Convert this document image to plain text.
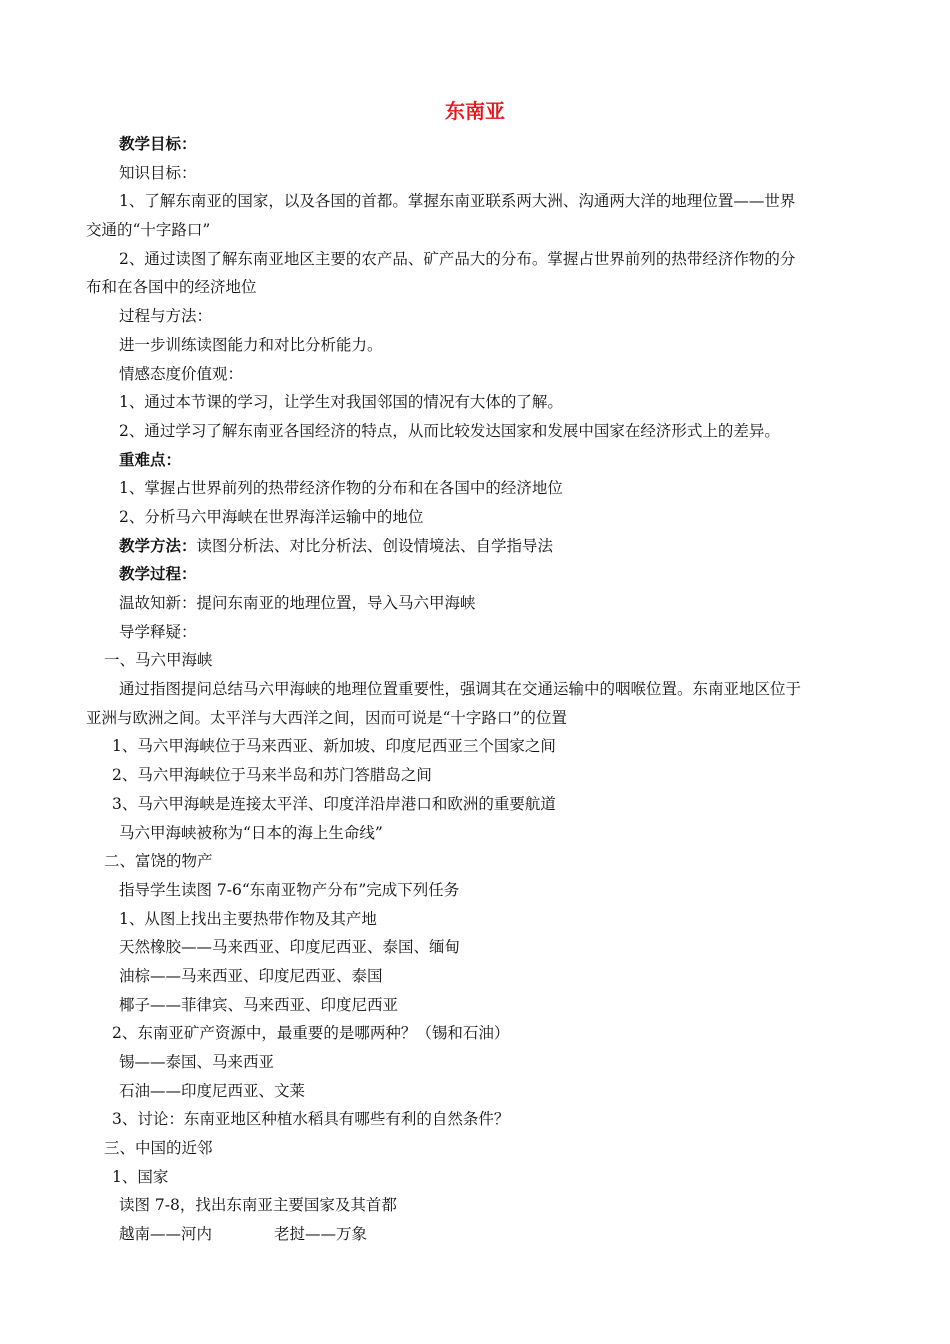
东南亚

教学目标：

知识目标：

1、了解东南亚的国家，以及各国的首都。掌握东南亚联系两大洲、沟通两大洋的地理位置——世界

交通的“十字路口”

2、通过读图了解东南亚地区主要的农产品、矿产品大的分布。掌握占世界前列的热带经济作物的分

布和在各国中的经济地位

过程与方法：

进一步训练读图能力和对比分析能力。

情感态度价值观：

1、通过本节课的学习，让学生对我国邻国的情况有大体的了解。

2、通过学习了解东南亚各国经济的特点，从而比较发达国家和发展中国家在经济形式上的差异。

重难点：

1、掌握占世界前列的热带经济作物的分布和在各国中的经济地位

2、分析马六甲海峡在世界海洋运输中的地位

教学方法：读图分析法、对比分析法、创设情境法、自学指导法

教学过程：

温故知新：提问东南亚的地理位置，导入马六甲海峡

导学释疑：

一、马六甲海峡

通过指图提问总结马六甲海峡的地理位置重要性，强调其在交通运输中的咽喉位置。东南亚地区位于

亚洲与欧洲之间。太平洋与大西洋之间，因而可说是“十字路口”的位置

1、马六甲海峡位于马来西亚、新加坡、印度尼西亚三个国家之间

2、马六甲海峡位于马来半岛和苏门答腊岛之间

3、马六甲海峡是连接太平洋、印度洋沿岸港口和欧洲的重要航道

马六甲海峡被称为“日本的海上生命线”

二、富饶的物产

指导学生读图 7-6“东南亚物产分布”完成下列任务

1、从图上找出主要热带作物及其产地

天然橡胶——马来西亚、印度尼西亚、泰国、缅甸

油棕——马来西亚、印度尼西亚、泰国

椰子——菲律宾、马来西亚、印度尼西亚

2、东南亚矿产资源中，最重要的是哪两种？（锡和石油）

锡——泰国、马来西亚

石油——印度尼西亚、文莱

3、讨论：东南亚地区种植水稻具有哪些有利的自然条件？

三、中国的近邻

1、国家

读图 7-8，找出东南亚主要国家及其首都

越南——河内	老挝——万象
